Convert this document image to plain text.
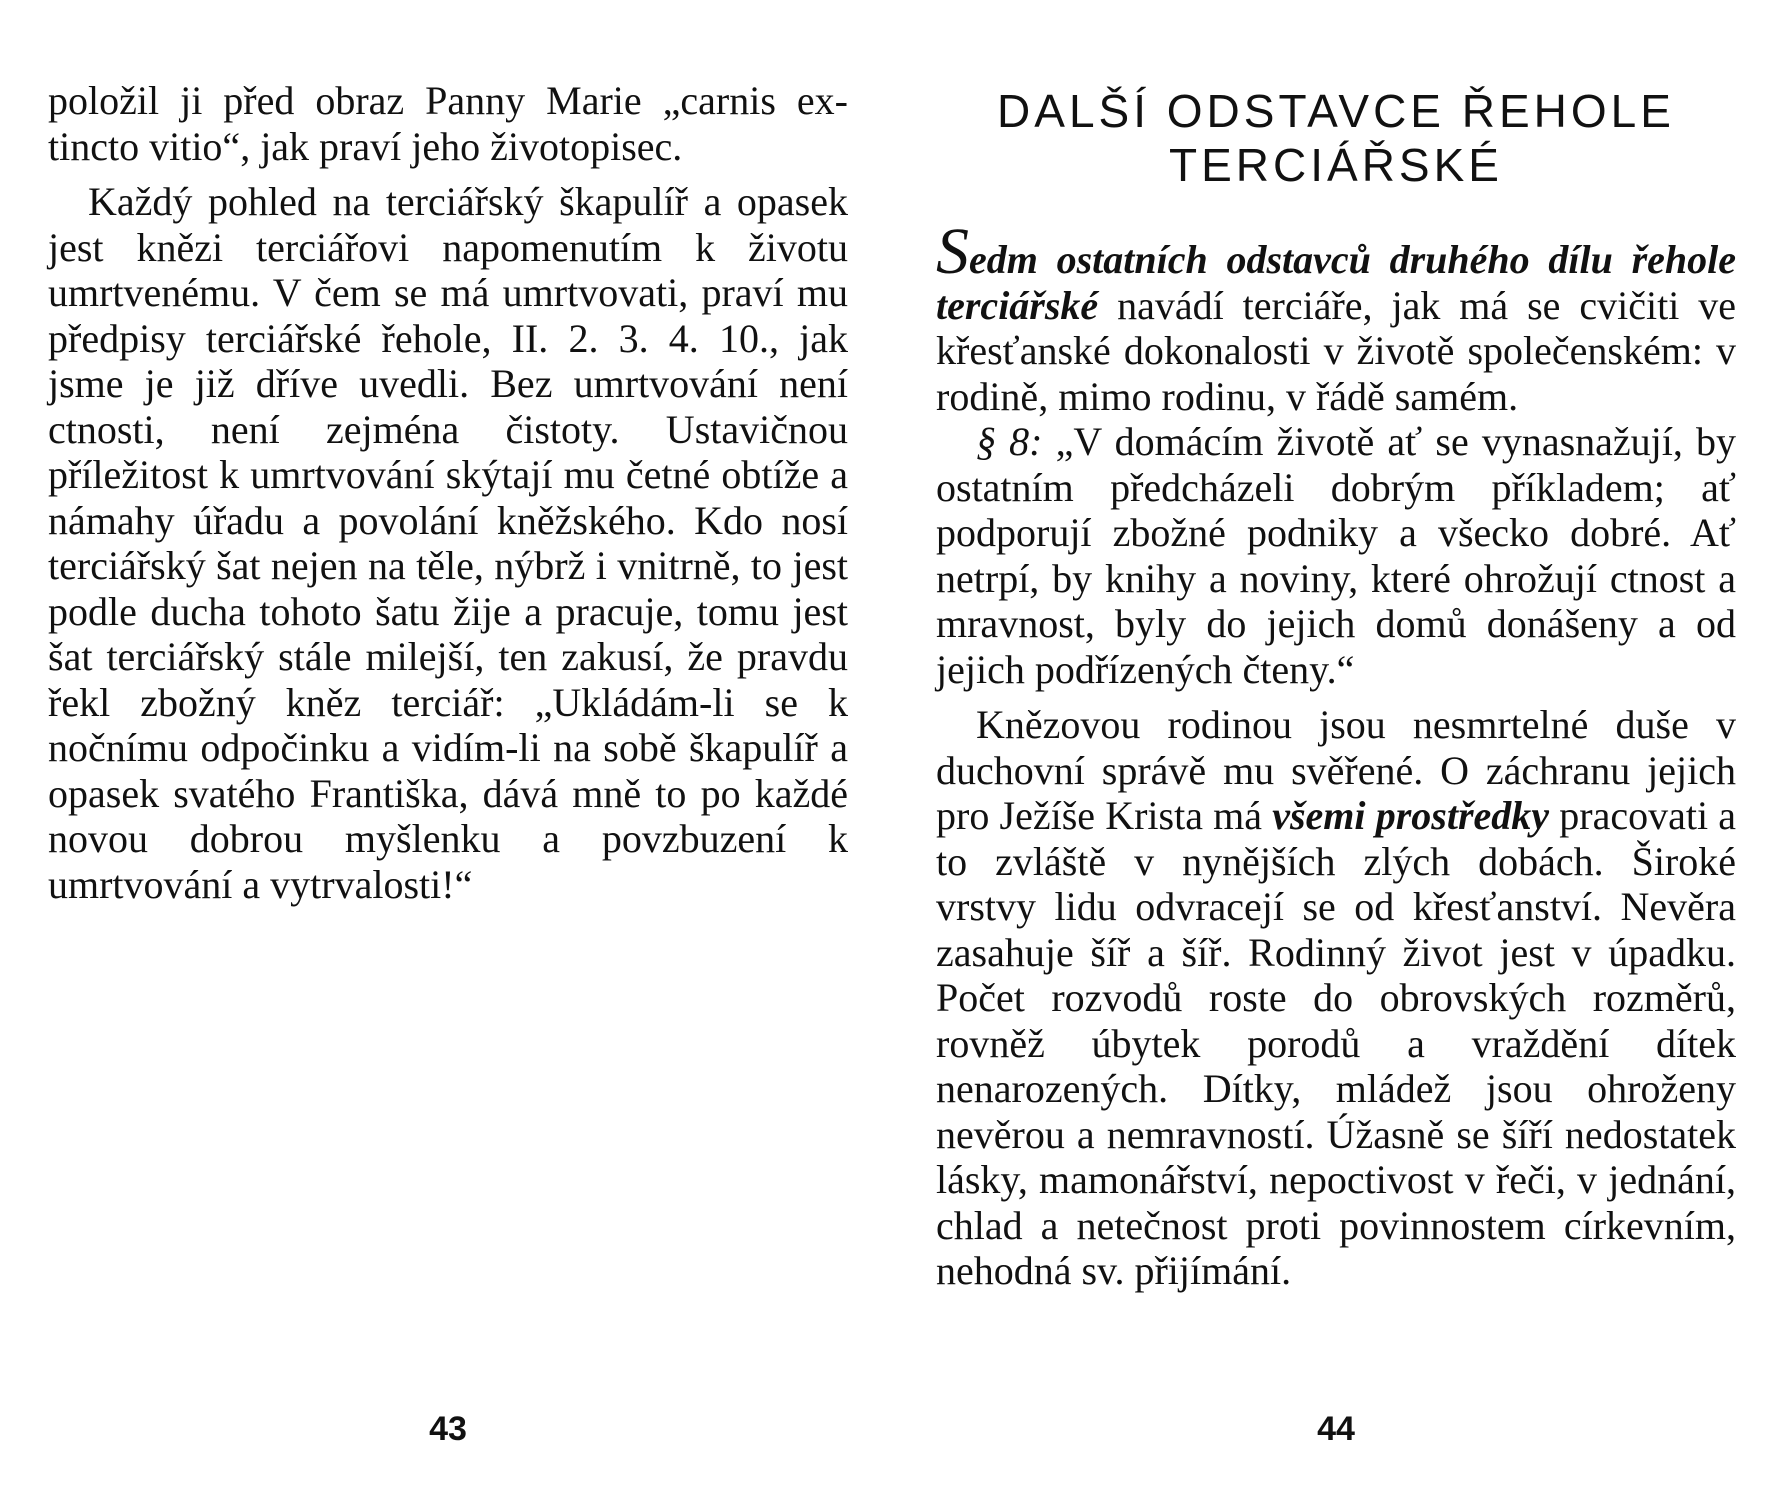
položil ji před obraz Panny Marie „carnis extincto vitio“, jak praví jeho životopisec.

Každý pohled na terciářský škapulíř a opasek jest knězi terciářovi napomenutím k životu umrtvenému. V čem se má umrtvovati, praví mu předpisy terciářské řehole, II. 2. 3. 4. 10., jak jsme je již dříve uvedli. Bez umrtvování není ctnosti, není zejména čistoty. Ustavičnou příležitost k umrtvování skýtají mu četné obtíže a námahy úřadu a povolání kněžského. Kdo nosí terciářský šat nejen na těle, nýbrž i vnitrně, to jest podle ducha tohoto šatu žije a pracuje, tomu jest šat terciářský stále milejší, ten zakusí, že pravdu řekl zbožný kněz terciář: „Ukládám-li se k nočnímu odpočinku a vidím-li na sobě škapulíř a opasek svatého Františka, dává mně to po každé novou dobrou myšlenku a povzbuzení k umrtvování a vytrvalosti!“

43
DALŠÍ ODSTAVCE ŘEHOLE
TERCIÁŘSKÉ

Sedm ostatních odstavců druhého dílu řehole terciářské navádí terciáře, jak má se cvičiti ve křesťanské dokonalosti v životě společenském: v rodině, mimo rodinu, v řádě samém.

§ 8: „V domácím životě ať se vynasnažují, by ostatním předcházeli dobrým příkladem; ať podporují zbožné podniky a všecko dobré. Ať netrpí, by knihy a noviny, které ohrožují ctnost a mravnost, byly do jejich domů donášeny a od jejich podřízených čteny.“

Knězovou rodinou jsou nesmrtelné duše v duchovní správě mu svěřené. O záchranu jejich pro Ježíše Krista má všemi prostředky pracovati a to zvláště v nynějších zlých dobách. Široké vrstvy lidu odvracejí se od křesťanství. Nevěra zasahuje šíř a šíř. Rodinný život jest v úpadku. Počet rozvodů roste do obrovských rozměrů, rovněž úbytek porodů a vraždění dítek nenarozených. Dítky, mládež jsou ohroženy nevěrou a nemravností. Úžasně se šíří nedostatek lásky, mamonářství, nepoctivost v řeči, v jednání, chlad a netečnost proti povinnostem církevním, nehodná sv. přijímání.

44
